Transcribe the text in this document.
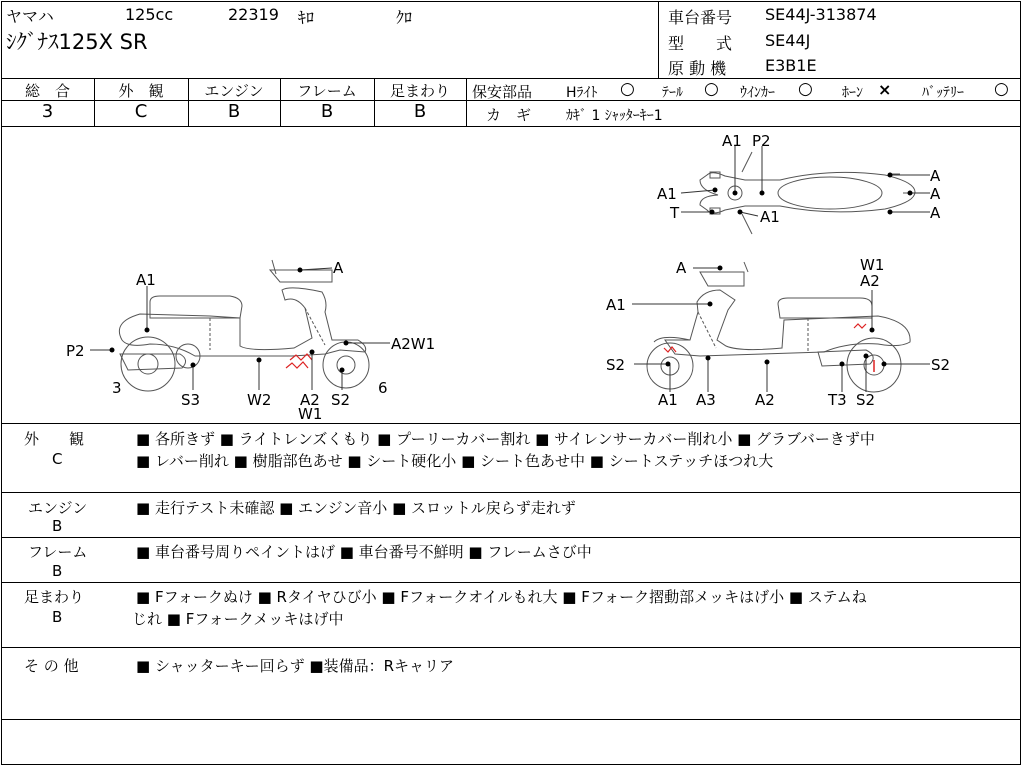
ヤマハ	125cc	22319 ｷﾛ	ｸﾛ
ｼｸﾞﾅｽ125X SR
車台番号 SE44J-313874
型　　式 SE44J
原 動 機 E3B1E
総　合	外　観	エンジン	フレーム	足まわり
3	C	B	B	B
保安部品 Hﾗｲﾄ ○ ﾃｰﾙ ○ ｳｲﾝｶｰ ○ ﾎｰﾝ × ﾊﾞｯﾃﾘｰ ○
カ　ギ ｶｷﾞ 1 ｼｬｯﾀｰｷｰ1
A1 P2
A1
T	A1
A
A
A
A1
A
P2
3
S3	W2 A2
W1
S2
A2W1
6
A	W1
A2
A1
S2
A1 A3	A2	T3 S2
S2
外　　観
C
■ 各所きず ■ ライトレンズくもり ■ プーリーカバー割れ ■ サイレンサーカバー削れ小 ■ グラブバーきず中
■ レバー削れ ■ 樹脂部色あせ ■ シート硬化小 ■ シート色あせ中 ■ シートステッチほつれ大
エンジン
B
■ 走行テスト未確認 ■ エンジン音小 ■ スロットル戻らず走れず
フレーム
B
■ 車台番号周りペイントはげ ■ 車台番号不鮮明 ■ フレームさび中
足まわり
B
■ Fフォークぬけ ■ Rタイヤひび小 ■ Fフォークオイルもれ大 ■ Fフォーク摺動部メッキはげ小 ■ ステムね
じれ ■ Fフォークメッキはげ中
そ の 他	■ シャッターキー回らず ■装備品：Rキャリア
